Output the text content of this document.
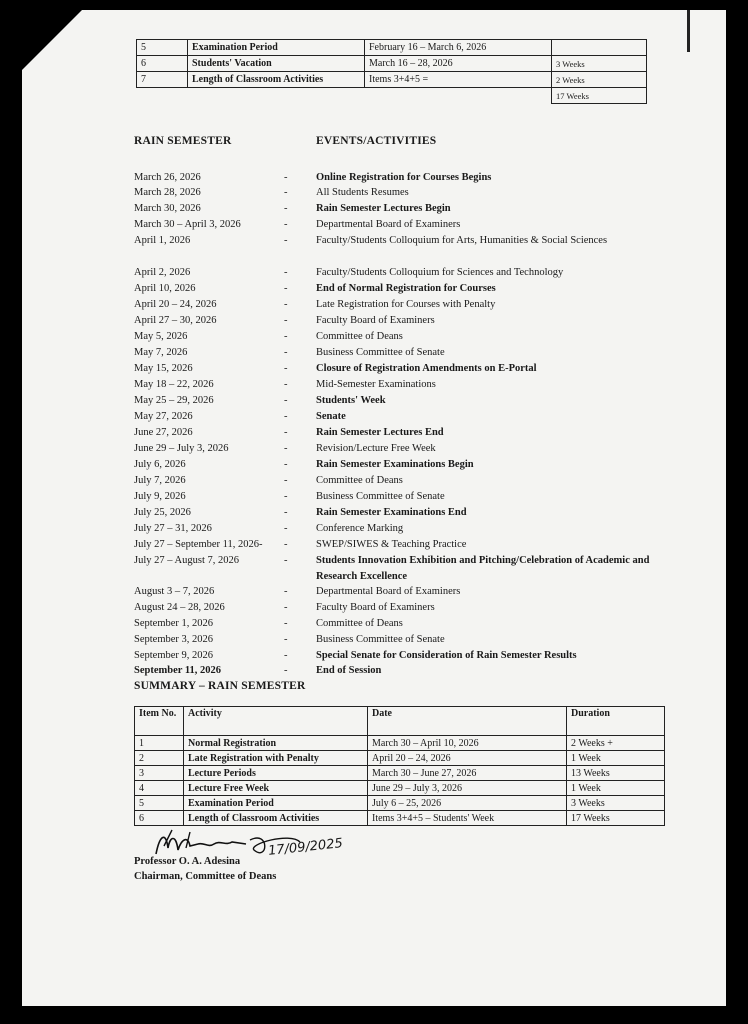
5	Examination Period	February 16 – March 6, 2026	
6	Students' Vacation	March 16 – 28, 2026	3 Weeks
7	Length of Classroom Activities	Items 3+4+5 =	2 Weeks
			17 Weeks
RAIN SEMESTER	EVENTS/ACTIVITIES
March 26, 2026	-	Online Registration for Courses Begins
March 28, 2026	-	All Students Resumes
March 30, 2026	-	Rain Semester Lectures Begin
March 30 – April 3, 2026	-	Departmental Board of Examiners
April 1, 2026	-	Faculty/Students Colloquium for Arts, Humanities & Social Sciences
April 2, 2026	-	Faculty/Students Colloquium for Sciences and Technology
April 10, 2026	-	End of Normal Registration for Courses
April 20 – 24, 2026	-	Late Registration for Courses with Penalty
April 27 – 30, 2026	-	Faculty Board of Examiners
May 5, 2026	-	Committee of Deans
May 7, 2026	-	Business Committee of Senate
May 15, 2026	-	Closure of Registration Amendments on E-Portal
May 18 – 22, 2026	-	Mid-Semester Examinations
May 25 – 29, 2026	-	Students' Week
May 27, 2026	-	Senate
June 27, 2026	-	Rain Semester Lectures End
June 29 – July 3, 2026	-	Revision/Lecture Free Week
July 6, 2026	-	Rain Semester Examinations Begin
July 7, 2026	-	Committee of Deans
July 9, 2026	-	Business Committee of Senate
July 25, 2026	-	Rain Semester Examinations End
July 27 – 31, 2026	-	Conference Marking
July 27 – September 11, 2026- -	SWEP/SIWES & Teaching Practice
July 27 – August 7, 2026	-	Students Innovation Exhibition and Pitching/Celebration of Academic and Research Excellence
August 3 – 7, 2026	-	Departmental Board of Examiners
August 24 – 28, 2026	-	Faculty Board of Examiners
September 1, 2026	-	Committee of Deans
September 3, 2026	-	Business Committee of Senate
September 9, 2026	-	Special Senate for Consideration of Rain Semester Results
September 11, 2026	-	End of Session
SUMMARY – RAIN SEMESTER
Item No.	Activity	Date	Duration
1	Normal Registration	March 30 – April 10, 2026	2 Weeks +
2	Late Registration with Penalty	April 20 – 24, 2026	1 Week
3	Lecture Periods	March 30 – June 27, 2026	13 Weeks
4	Lecture Free Week	June 29 – July 3, 2026	1 Week
5	Examination Period	July 6 – 25, 2026	3 Weeks
6	Length of Classroom Activities	Items 3+4+5 – Students' Week	17 Weeks
17/09/2025
Professor O. A. Adesina
Chairman, Committee of Deans
